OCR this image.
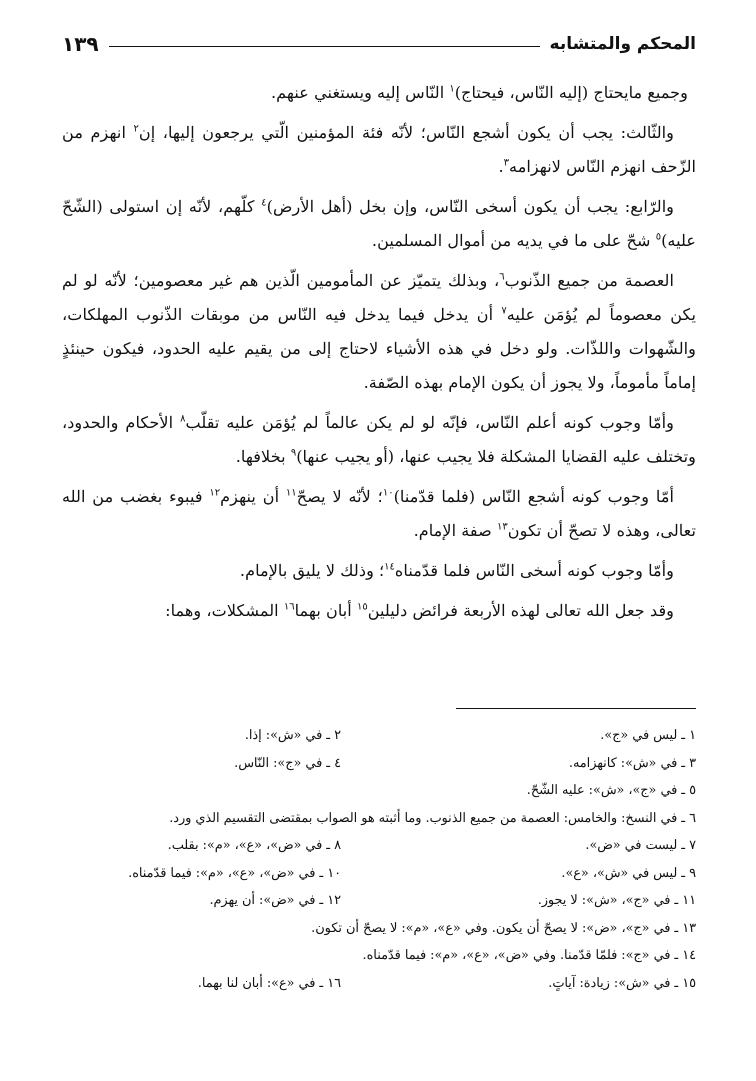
المحكم والمتشابه
١٣٩

وجميع مايحتاج (إليه النّاس، فيحتاج)$^١$ النّاس إليه ويستغني عنهم.

والثّالث: يجب أن يكون أشجع النّاس؛ لأنّه فئة المؤمنين الّتي يرجعون إليها، إن$^٢$ انهزم من الزّحف انهزم النّاس لانهزامه$^٣$.

والرّابع: يجب أن يكون أسخى النّاس، وإن بخل (أهل الأرض)$^٤$ كلّهم، لأنّه إن استولى (الشّحّ عليه)$^٥$ شحّ على ما في يديه من أموال المسلمين.

العصمة من جميع الذّنوب$^٦$، وبذلك يتميّز عن المأمومين الّذين هم غير معصومين؛ لأنّه لو لم يكن معصوماً لم يُؤمَن عليه$^٧$ أن يدخل فيما يدخل فيه النّاس من موبقات الذّنوب المهلكات، والشّهوات واللذّات. ولو دخل في هذه الأشياء لاحتاج إلى من يقيم عليه الحدود، فيكون حينئذٍ إماماً مأموماً، ولا يجوز أن يكون الإمام بهذه الصّفة.

وأمّا وجوب كونه أعلم النّاس، فإنّه لو لم يكن عالماً لم يُؤمَن عليه تقلّب$^٨$ الأحكام والحدود، وتختلف عليه القضايا المشكلة فلا يجيب عنها، (أو يجيب عنها)$^٩$ بخلافها.

أمّا وجوب كونه أشجع النّاس (فلما قدّمنا)$^{١٠}$؛ لأنّه لا يصحّ$^{١١}$ أن ينهزم$^{١٢}$ فيبوء بغضب من الله تعالى، وهذه لا تصحّ أن تكون$^{١٣}$ صفة الإمام.

وأمّا وجوب كونه أسخى النّاس فلما قدّمناه$^{١٤}$؛ وذلك لا يليق بالإمام.

وقد جعل الله تعالى لهذه الأربعة فرائض دليلين$^{١٥}$ أبان بهما$^{١٦}$ المشكلات، وهما:

١ ـ ليس في «ج».
٢ ـ في «ش»: إذا.
٣ ـ في «ش»: كانهزامه.
٤ ـ في «ج»: النّاس.
٥ ـ في «ج»، «ش»: عليه الشّحّ.
٦ ـ في النسخ: والخامس: العصمة من جميع الذنوب. وما أثبته هو الصواب بمقتضى التقسيم الذي ورد.
٧ ـ ليست في «ض».
٨ ـ في «ض»، «ع»، «م»: بقلب.
٩ ـ ليس في «ش»، «ع».
١٠ ـ في «ض»، «ع»، «م»: فيما قدّمناه.
١١ ـ في «ج»، «ش»: لا يجوز.
١٢ ـ في «ض»: أن يهزم.
١٣ ـ في «ج»، «ض»: لا يصحّ أن يكون. وفي «ع»، «م»: لا يصحّ أن تكون.
١٤ ـ في «ج»: فلمّا قدّمنا. وفي «ض»، «ع»، «م»: فيما قدّمناه.
١٥ ـ في «ش»: زيادة: آياتٍ.
١٦ ـ في «ع»: أبان لنا بهما.
